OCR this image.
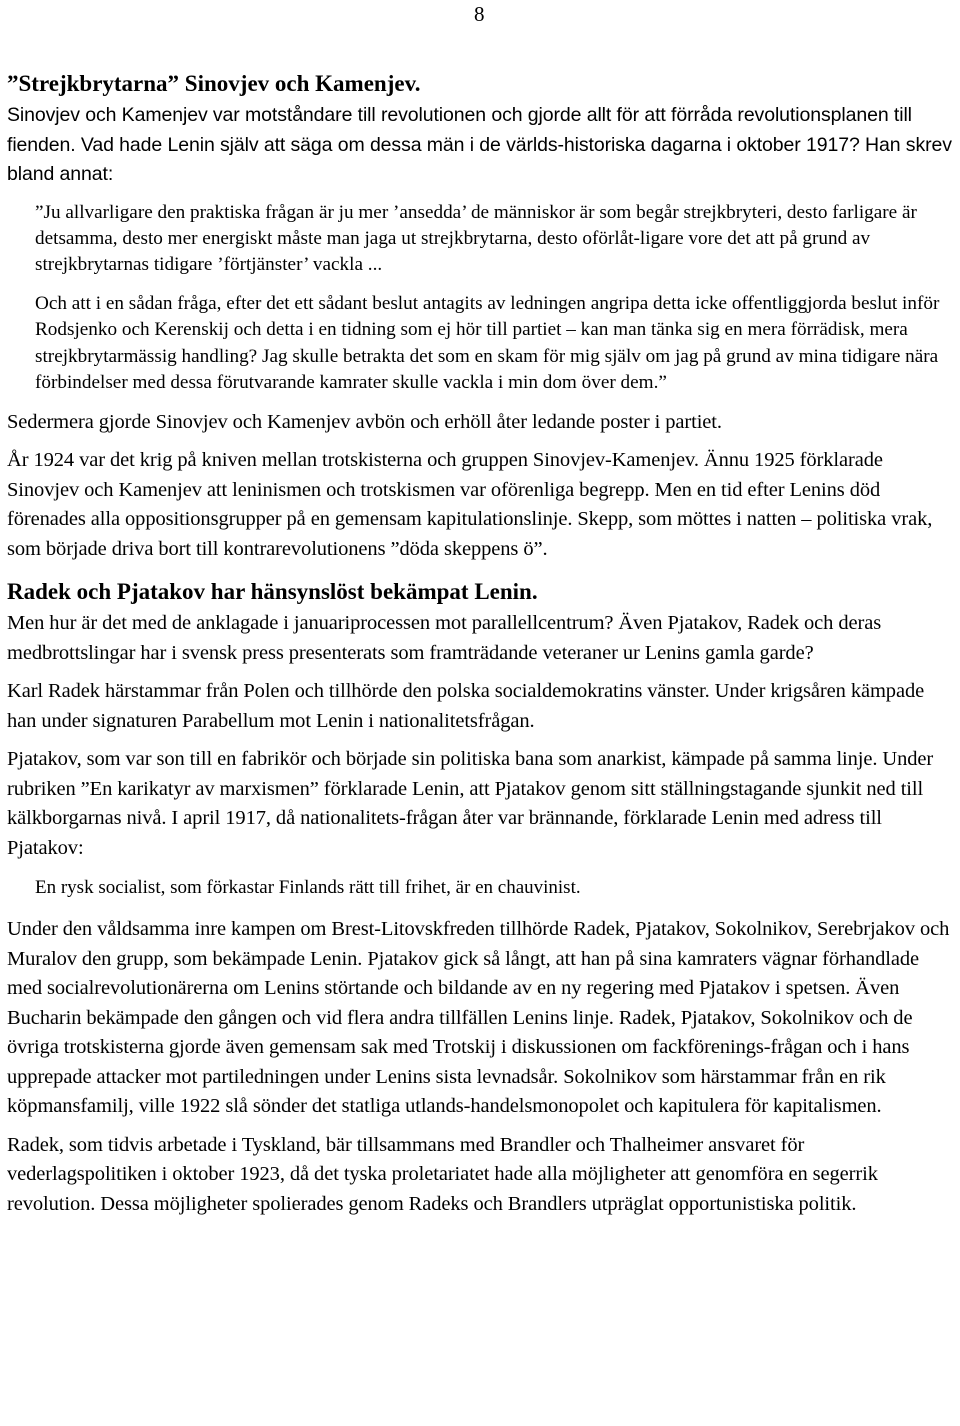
8
”Strejkbrytarna” Sinovjev och Kamenjev.

Sinovjev och Kamenjev var motståndare till revolutionen och gjorde allt för att förråda revolutionsplanen till fienden. Vad hade Lenin själv att säga om dessa män i de världs-historiska dagarna i oktober 1917? Han skrev bland annat:

”Ju allvarligare den praktiska frågan är ju mer ’ansedda’ de människor är som begår strejkbryteri, desto farligare är detsamma, desto mer energiskt måste man jaga ut strejkbrytarna, desto oförlåt-ligare vore det att på grund av strejkbrytarnas tidigare ’förtjänster’ vackla ...

Och att i en sådan fråga, efter det ett sådant beslut antagits av ledningen angripa detta icke offentliggjorda beslut inför Rodsjenko och Kerenskij och detta i en tidning som ej hör till partiet – kan man tänka sig en mera förrädisk, mera strejkbrytarmässig handling? Jag skulle betrakta det som en skam för mig själv om jag på grund av mina tidigare nära förbindelser med dessa förutvarande kamrater skulle vackla i min dom över dem.”

Sedermera gjorde Sinovjev och Kamenjev avbön och erhöll åter ledande poster i partiet.

År 1924 var det krig på kniven mellan trotskisterna och gruppen Sinovjev-Kamenjev. Ännu 1925 förklarade Sinovjev och Kamenjev att leninismen och trotskismen var oförenliga begrepp. Men en tid efter Lenins död förenades alla oppositionsgrupper på en gemensam kapitulationslinje. Skepp, som möttes i natten – politiska vrak, som började driva bort till kontrarevolutionens ”döda skeppens ö”.

Radek och Pjatakov har hänsynslöst bekämpat Lenin.

Men hur är det med de anklagade i januariprocessen mot parallellcentrum? Även Pjatakov, Radek och deras medbrottslingar har i svensk press presenterats som framträdande veteraner ur Lenins gamla garde?

Karl Radek härstammar från Polen och tillhörde den polska socialdemokratins vänster. Under krigsåren kämpade han under signaturen Parabellum mot Lenin i nationalitetsfrågan.

Pjatakov, som var son till en fabrikör och började sin politiska bana som anarkist, kämpade på samma linje. Under rubriken ”En karikatyr av marxismen” förklarade Lenin, att Pjatakov genom sitt ställningstagande sjunkit ned till kälkborgarnas nivå. I april 1917, då nationalitets-frågan åter var brännande, förklarade Lenin med adress till Pjatakov:

En rysk socialist, som förkastar Finlands rätt till frihet, är en chauvinist.

Under den våldsamma inre kampen om Brest-Litovskfreden tillhörde Radek, Pjatakov, Sokolnikov, Serebrjakov och Muralov den grupp, som bekämpade Lenin. Pjatakov gick så långt, att han på sina kamraters vägnar förhandlade med socialrevolutionärerna om Lenins störtande och bildande av en ny regering med Pjatakov i spetsen. Även Bucharin bekämpade den gången och vid flera andra tillfällen Lenins linje. Radek, Pjatakov, Sokolnikov och de övriga trotskisterna gjorde även gemensam sak med Trotskij i diskussionen om fackförenings-frågan och i hans upprepade attacker mot partiledningen under Lenins sista levnadsår. Sokolnikov som härstammar från en rik köpmansfamilj, ville 1922 slå sönder det statliga utlands-handelsmonopolet och kapitulera för kapitalismen.

Radek, som tidvis arbetade i Tyskland, bär tillsammans med Brandler och Thalheimer ansvaret för vederlagspolitiken i oktober 1923, då det tyska proletariatet hade alla möjligheter att genomföra en segerrik revolution. Dessa möjligheter spolierades genom Radeks och Brandlers utpräglat opportunistiska politik.
